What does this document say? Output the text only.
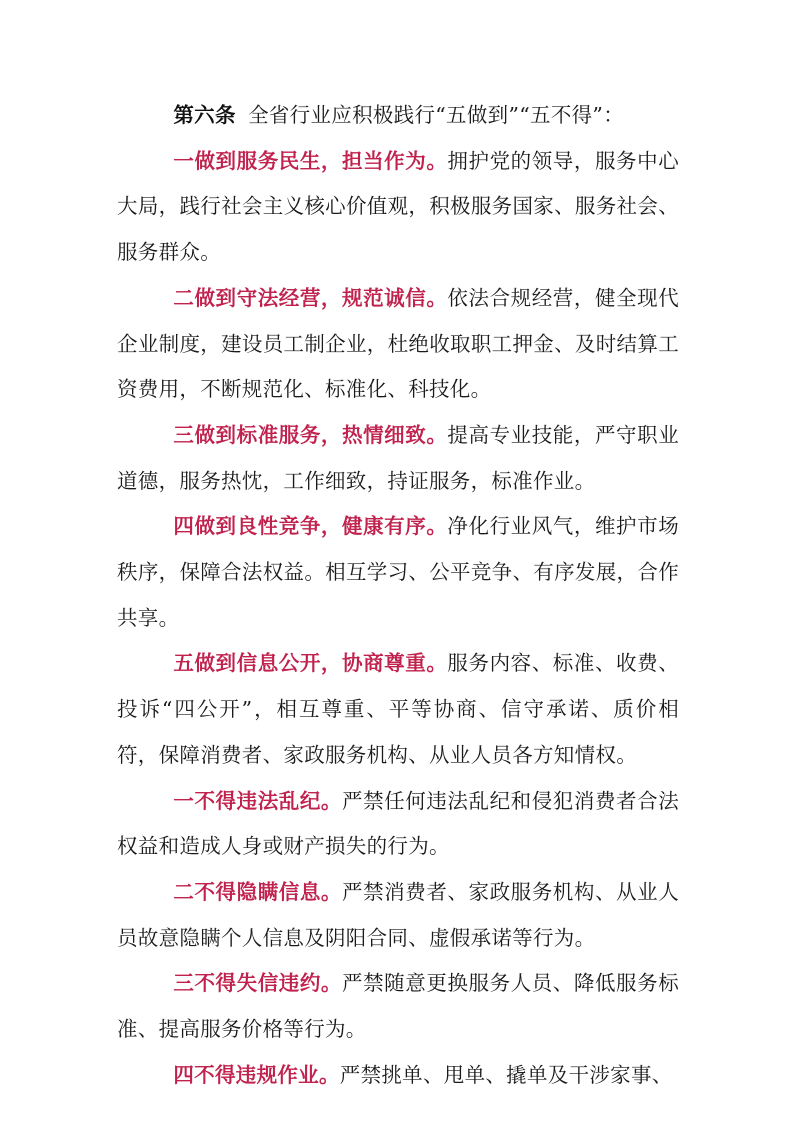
第六条 全省行业应积极践行“五做到”“五不得”：

一做到服务民生，担当作为。拥护党的领导，服务中心大局，践行社会主义核心价值观，积极服务国家、服务社会、服务群众。

二做到守法经营，规范诚信。依法合规经营，健全现代企业制度，建设员工制企业，杜绝收取职工押金、及时结算工资费用，不断规范化、标准化、科技化。

三做到标准服务，热情细致。提高专业技能，严守职业道德，服务热忱，工作细致，持证服务，标准作业。

四做到良性竞争，健康有序。净化行业风气，维护市场秩序，保障合法权益。相互学习、公平竞争、有序发展，合作共享。

五做到信息公开，协商尊重。服务内容、标准、收费、投诉“四公开”，相互尊重、平等协商、信守承诺、质价相符，保障消费者、家政服务机构、从业人员各方知情权。

一不得违法乱纪。严禁任何违法乱纪和侵犯消费者合法权益和造成人身或财产损失的行为。

二不得隐瞒信息。严禁消费者、家政服务机构、从业人员故意隐瞒个人信息及阴阳合同、虚假承诺等行为。

三不得失信违约。严禁随意更换服务人员、降低服务标准、提高服务价格等行为。

四不得违规作业。严禁挑单、甩单、撬单及干涉家事、
